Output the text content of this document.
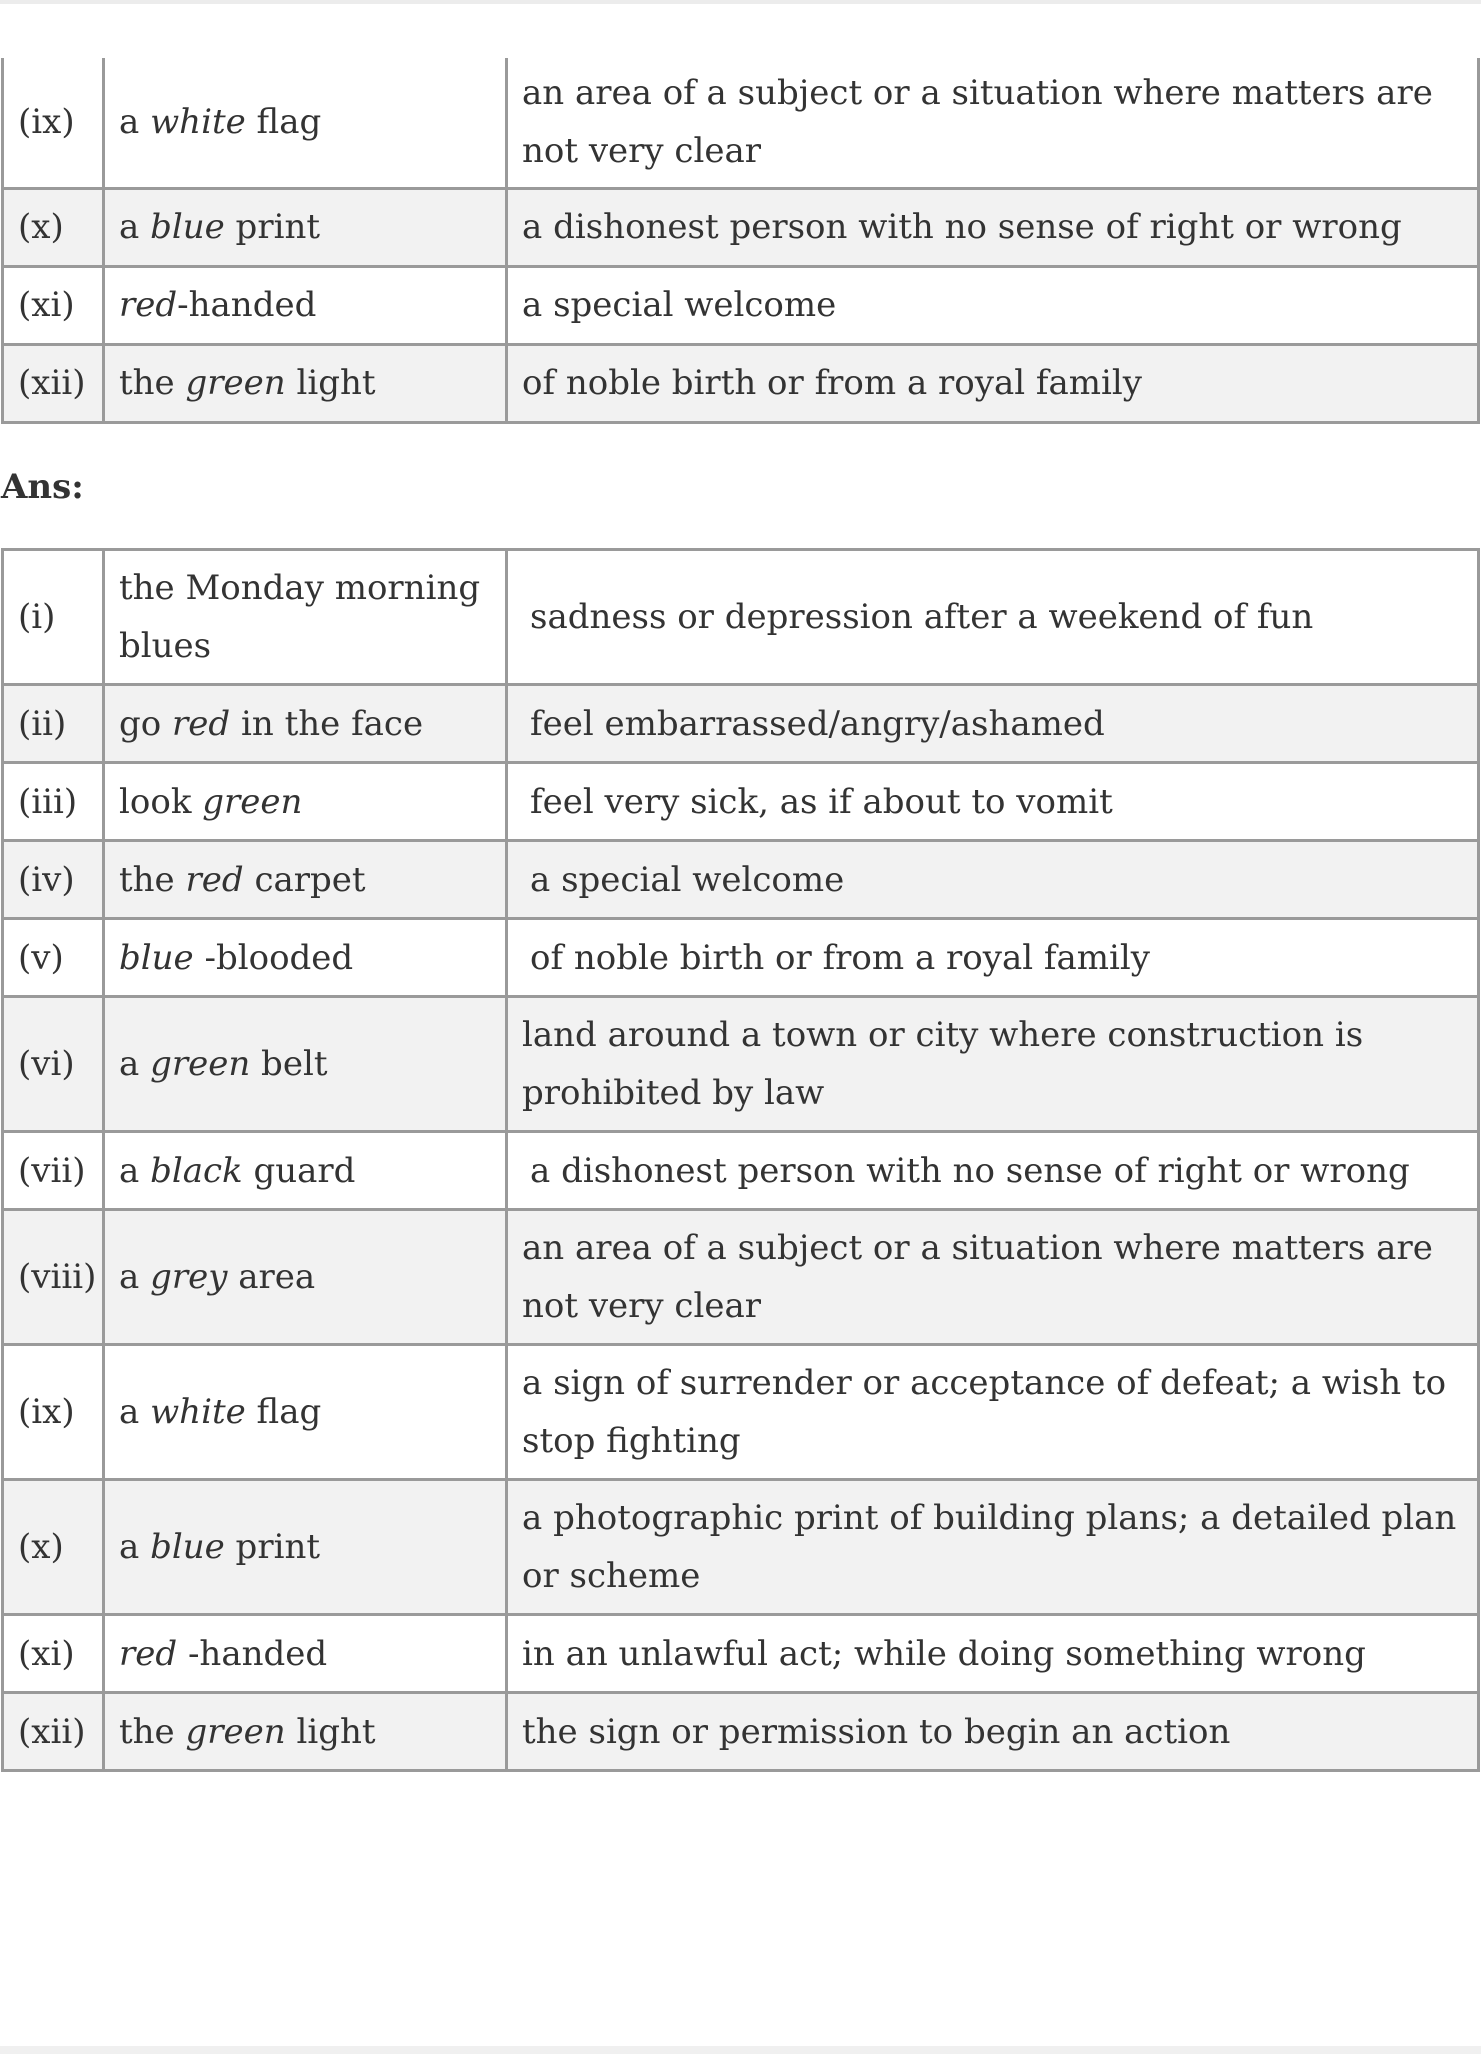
(ix)	a white flag	an area of a subject or a situation where matters are not very clear
(x)	a blue print	a dishonest person with no sense of right or wrong
(xi)	red-handed	a special welcome
(xii)	the green light	of noble birth or from a royal family
Ans:
(i)	the Monday morning blues	sadness or depression after a weekend of fun
(ii)	go red in the face	feel embarrassed/angry/ashamed
(iii)	look green	feel very sick, as if about to vomit
(iv)	the red carpet	a special welcome
(v)	blue -blooded	of noble birth or from a royal family
(vi)	a green belt	land around a town or city where construction is prohibited by law
(vii)	a black guard	a dishonest person with no sense of right or wrong
(viii)	a grey area	an area of a subject or a situation where matters are not very clear
(ix)	a white flag	a sign of surrender or acceptance of defeat; a wish to stop fighting
(x)	a blue print	a photographic print of building plans; a detailed plan or scheme
(xi)	red -handed	in an unlawful act; while doing something wrong
(xii)	the green light	the sign or permission to begin an action
